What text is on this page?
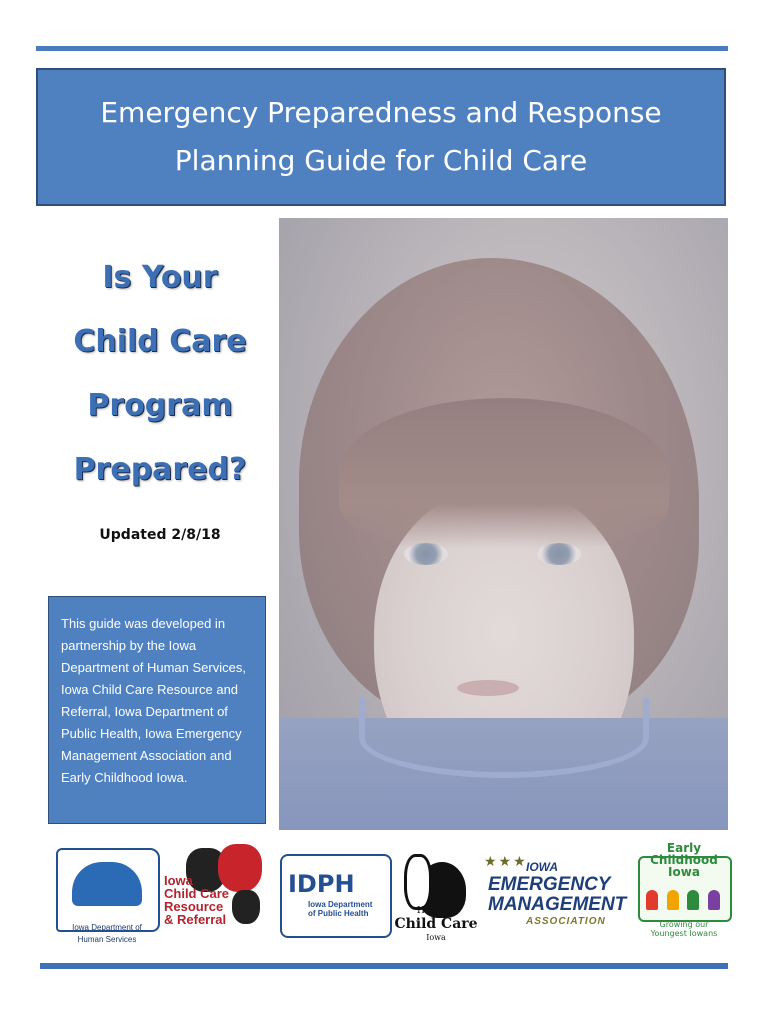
Emergency Preparedness and Response
Planning Guide for Child Care
Is Your
Child Care
Program
Prepared?
Updated 2/8/18
This guide was developed in partnership by the Iowa Department of Human Services, Iowa Child Care Resource and Referral, Iowa Department of Public Health, Iowa Emergency Management Association and Early Childhood Iowa.
Iowa Department of
Human Services
Iowa
Child Care
Resource
& Referral
IDPH
Iowa Department
of Public Health	Healthy
Child Care
Iowa
★★★
IOWA
EMERGENCY
MANAGEMENT
ASSOCIATION
Early
Childhood
Iowa
Growing our
Youngest Iowans
